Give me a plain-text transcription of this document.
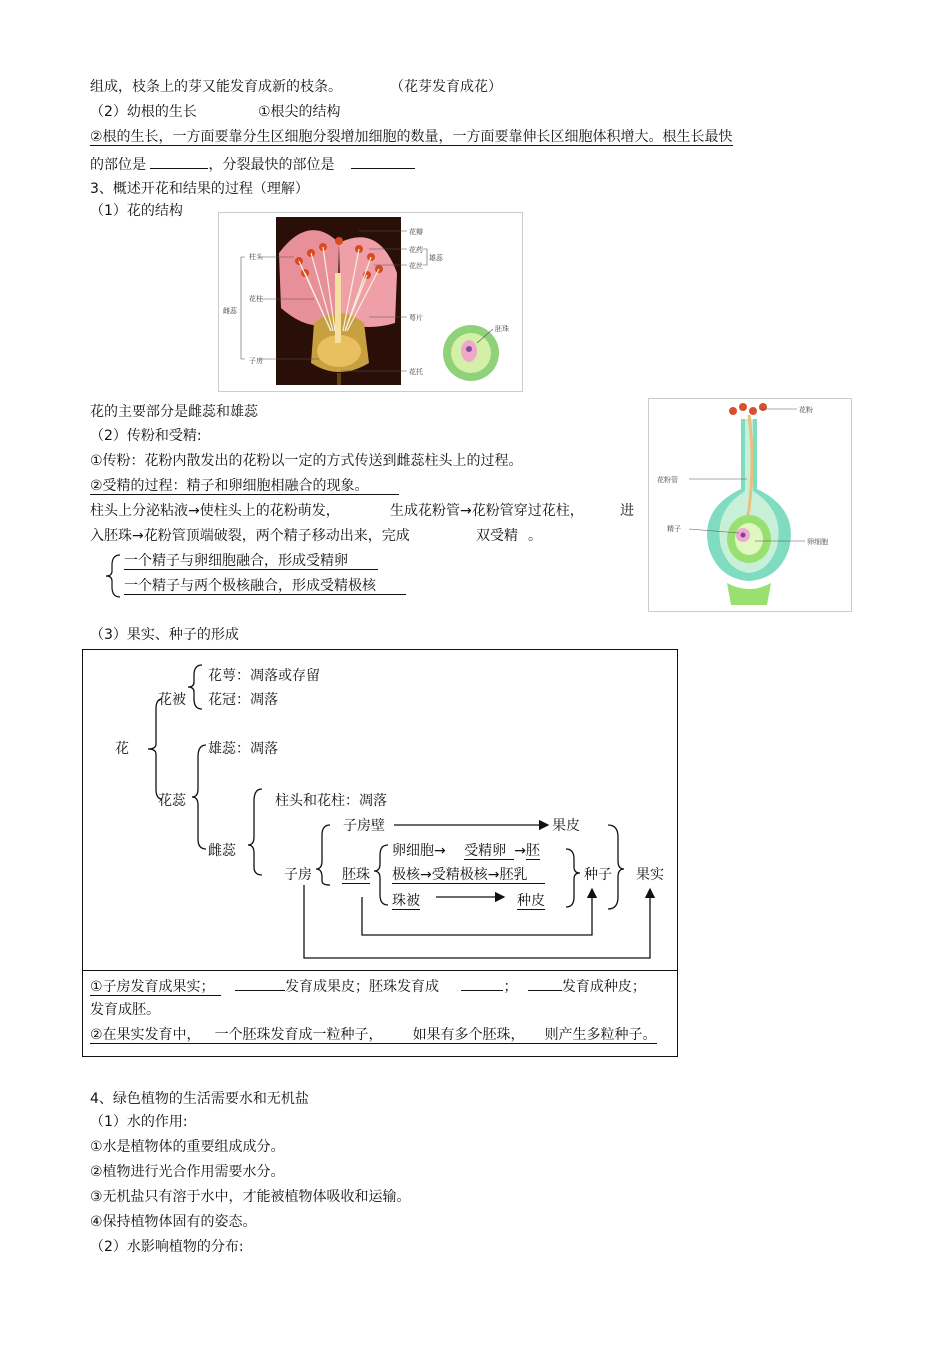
组成，枝条上的芽又能发育成新的枝条。	（花芽发育成花）
（2）幼根的生长	①根尖的结构
②根的生长，一方面要靠分生区细胞分裂增加细胞的数量，一方面要靠伸长区细胞体积增大。根生长最快
的部位是	，分裂最快的部位是
3、概述开花和结果的过程（理解）
（1）花的结构
柱头
雌蕊
花柱
子房
花瓣
花药
雄蕊
花丝
萼片
花托
胚珠
花的主要部分是雌蕊和雄蕊	花粉
花粉管
精子
卵细胞
（2）传粉和受精:
①传粉：花粉内散发出的花粉以一定的方式传送到雌蕊柱头上的过程。
②受精的过程：精子和卵细胞相融合的现象。
柱头上分泌粘液→使柱头上的花粉萌发，	生成花粉管→花粉管穿过花柱，	进
入胚珠→花粉管顶端破裂，两个精子移动出来，完成	双受精 。
一个精子与卵细胞融合，形成受精卵
一个精子与两个极核融合，形成受精极核
（3）果实、种子的形成
花
花被
花萼：凋落或存留
花冠：凋落
花蕊
雄蕊：凋落
雌蕊
柱头和花柱：凋落
子房
子房壁	果皮
胚珠
卵细胞→ 受精卵 →胚
极核→受精极核→胚乳
珠被	种皮
种子 果实
①子房发育成果实；	发育成果皮；胚珠发育成	；	发育成种皮；
发育成胚。
②在果实发育中， 一个胚珠发育成一粒种子， 如果有多个胚珠， 则产生多粒种子。
4、绿色植物的生活需要水和无机盐
（1）水的作用:
①水是植物体的重要组成成分。
②植物进行光合作用需要水分。
③无机盐只有溶于水中，才能被植物体吸收和运输。
④保持植物体固有的姿态。
（2）水影响植物的分布:
